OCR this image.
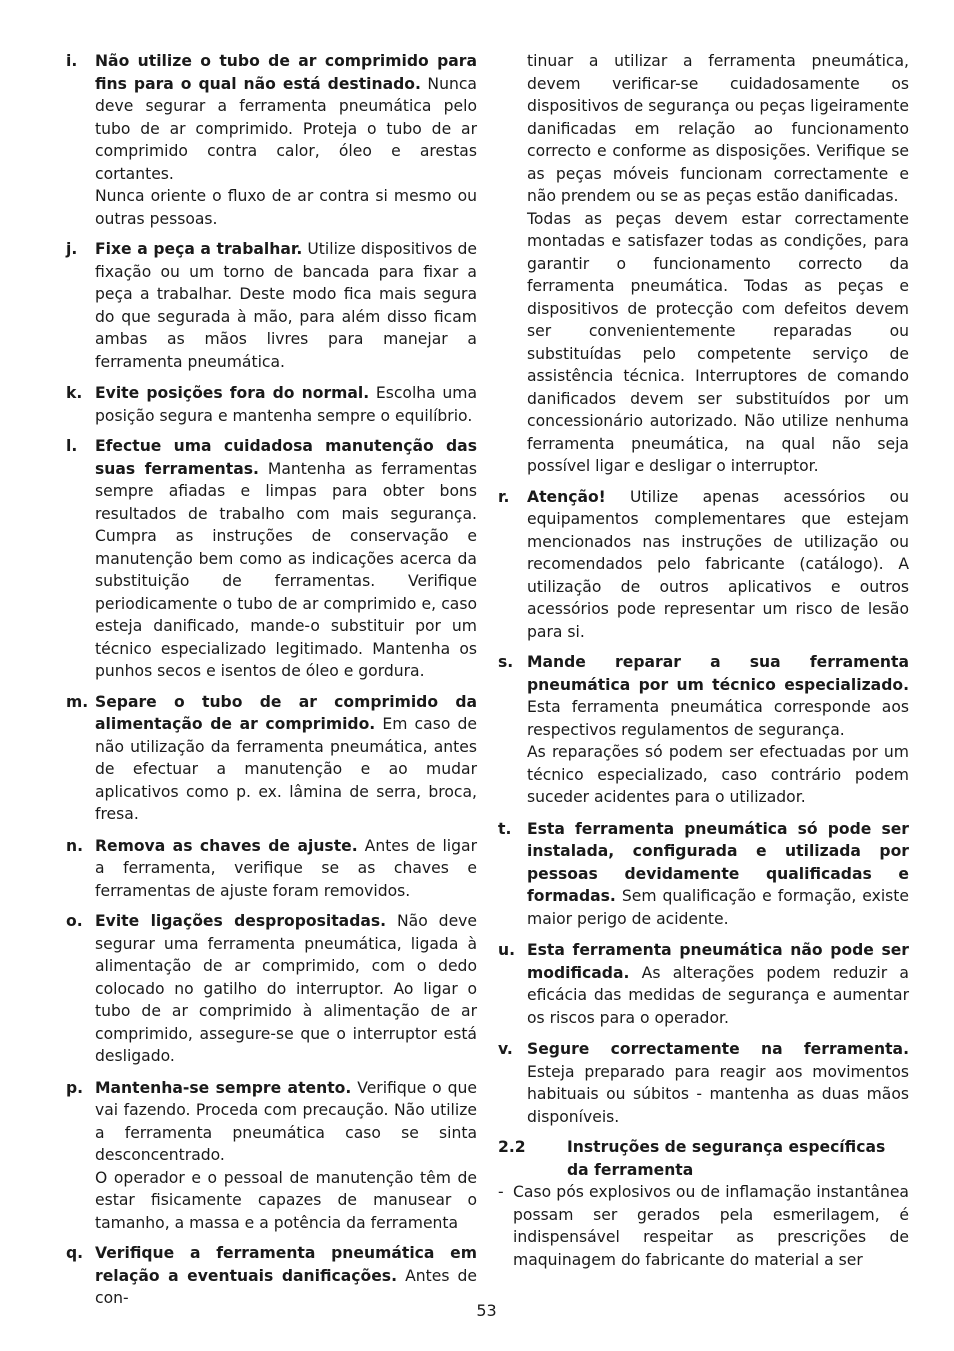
i.	Não utilize o tubo de ar comprimido para fins para o qual não está destinado. Nunca deve segurar a ferramenta pneumática pelo tubo de ar comprimido. Proteja o tubo de ar comprimido contra calor, óleo e arestas cortantes.

Nunca oriente o fluxo de ar contra si mesmo ou outras pessoas.

j.	Fixe a peça a trabalhar. Utilize dispositivos de fixação ou um torno de bancada para fixar a peça a trabalhar. Deste modo fica mais segura do que segurada à mão, para além disso ficam ambas as mãos livres para manejar a ferramenta pneumática.

k. Evite posições fora do normal. Escolha uma posição segura e mantenha sempre o equilíbrio.

l.	Efectue uma cuidadosa manutenção das suas ferramentas. Mantenha as ferramentas sempre afiadas e limpas para obter bons resultados de trabalho com mais segurança. Cumpra as instruções de conservação e manutenção bem como as indicações acerca da substituição de ferramentas. Verifique periodicamente o tubo de ar comprimido e, caso esteja danificado, mande-o substituir por um técnico especializado legitimado. Mantenha os punhos secos e isentos de óleo e gordura.

m. Separe o tubo de ar comprimido da alimentação de ar comprimido. Em caso de não utilização da ferramenta pneumática, antes de efectuar a manutenção e ao mudar aplicativos como p. ex. lâmina de serra, broca, fresa.

n. Remova as chaves de ajuste. Antes de ligar a ferramenta, verifique se as chaves e ferramentas de ajuste foram removidos.

o. Evite ligações despropositadas. Não deve segurar uma ferramenta pneumática, ligada à alimentação de ar comprimido, com o dedo colocado no gatilho do interruptor. Ao ligar o tubo de ar comprimido à alimentação de ar comprimido, assegure-se que o interruptor está desligado.

p. Mantenha-se sempre atento. Verifique o que vai fazendo. Proceda com precaução. Não utilize a ferramenta pneumática caso se sinta desconcentrado.

O operador e o pessoal de manutenção têm de estar fisicamente capazes de manusear o tamanho, a massa e a potência da ferramenta

q. Verifique a ferramenta pneumática em relação a eventuais danificações. Antes de con-

tinuar a utilizar a ferramenta pneumática, devem verificar-se cuidadosamente os dispositivos de segurança ou peças ligeiramente danificadas em relação ao funcionamento correcto e conforme as disposições. Verifique se as peças móveis funcionam correctamente e não prendem ou se as peças estão danificadas.
Todas as peças devem estar correctamente montadas e satisfazer todas as condições, para garantir o funcionamento correcto da ferramenta pneumática. Todas as peças e dispositivos de protecção com defeitos devem ser convenientemente reparadas ou substituídas pelo competente serviço de assistência técnica. Interruptores de comando danificados devem ser substituídos por um concessionário autorizado. Não utilize nenhuma ferramenta pneumática, na qual não seja possível ligar e desligar o interruptor.
r.	Atenção! Utilize apenas acessórios ou equipamentos complementares que estejam mencionados nas instruções de utilização ou recomendados pelo fabricante (catálogo). A utilização de outros aplicativos e outros acessórios pode representar um risco de lesão para si.

s. Mande reparar a sua ferramenta pneumática por um técnico especializado. Esta ferramenta pneumática corresponde aos respectivos regulamentos de segurança.

As reparações só podem ser efectuadas por um técnico especializado, caso contrário podem suceder acidentes para o utilizador.

t.	Esta ferramenta pneumática só pode ser instalada, configurada e utilizada por pessoas devidamente qualificadas e formadas. Sem qualificação e formação, existe maior perigo de acidente.

u. Esta ferramenta pneumática não pode ser modificada. As alterações podem reduzir a eficácia das medidas de segurança e aumentar os riscos para o operador.

v. Segure correctamente na ferramenta. Esteja preparado para reagir aos movimentos habituais ou súbitos - mantenha as duas mãos disponíveis.

2.2	Instruções de segurança específicas da ferramenta
- Caso pós explosivos ou de inflamação instantânea possam ser gerados pela esmerilagem, é indispensável respeitar as prescrições de maquinagem do fabricante do material a ser
53
